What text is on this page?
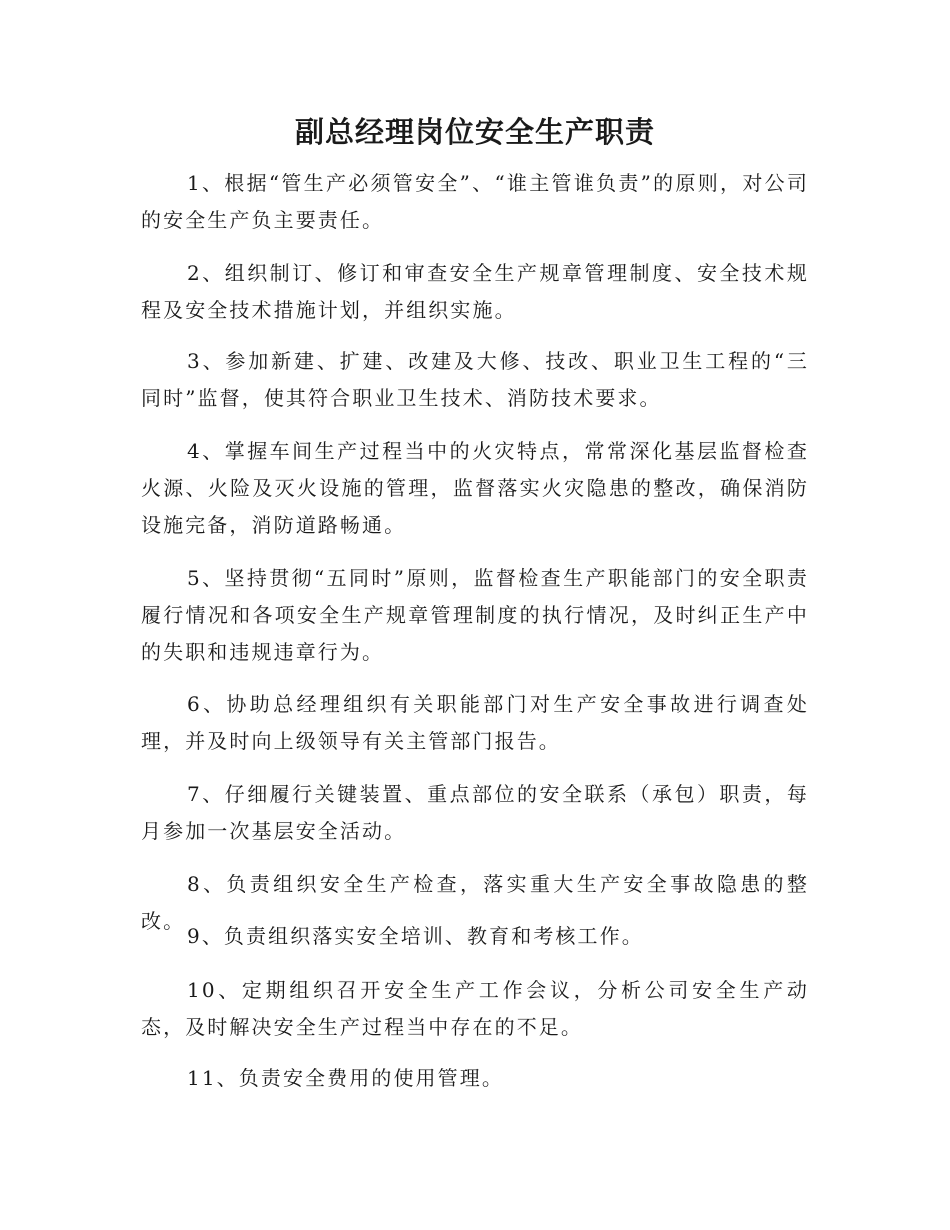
副总经理岗位安全生产职责

1、根据“管生产必须管安全”、“谁主管谁负责”的原则，对公司的安全生产负主要责任。

2、组织制订、修订和审查安全生产规章管理制度、安全技术规程及安全技术措施计划，并组织实施。

3、参加新建、扩建、改建及大修、技改、职业卫生工程的“三同时”监督，使其符合职业卫生技术、消防技术要求。

4、掌握车间生产过程当中的火灾特点，常常深化基层监督检查火源、火险及灭火设施的管理，监督落实火灾隐患的整改，确保消防设施完备，消防道路畅通。

5、坚持贯彻“五同时”原则，监督检查生产职能部门的安全职责履行情况和各项安全生产规章管理制度的执行情况，及时纠正生产中的失职和违规违章行为。

6、协助总经理组织有关职能部门对生产安全事故进行调查处理，并及时向上级领导有关主管部门报告。

7、仔细履行关键装置、重点部位的安全联系（承包）职责，每月参加一次基层安全活动。

8、负责组织安全生产检查，落实重大生产安全事故隐患的整改。

9、负责组织落实安全培训、教育和考核工作。

10、定期组织召开安全生产工作会议，分析公司安全生产动态，及时解决安全生产过程当中存在的不足。

11、负责安全费用的使用管理。
